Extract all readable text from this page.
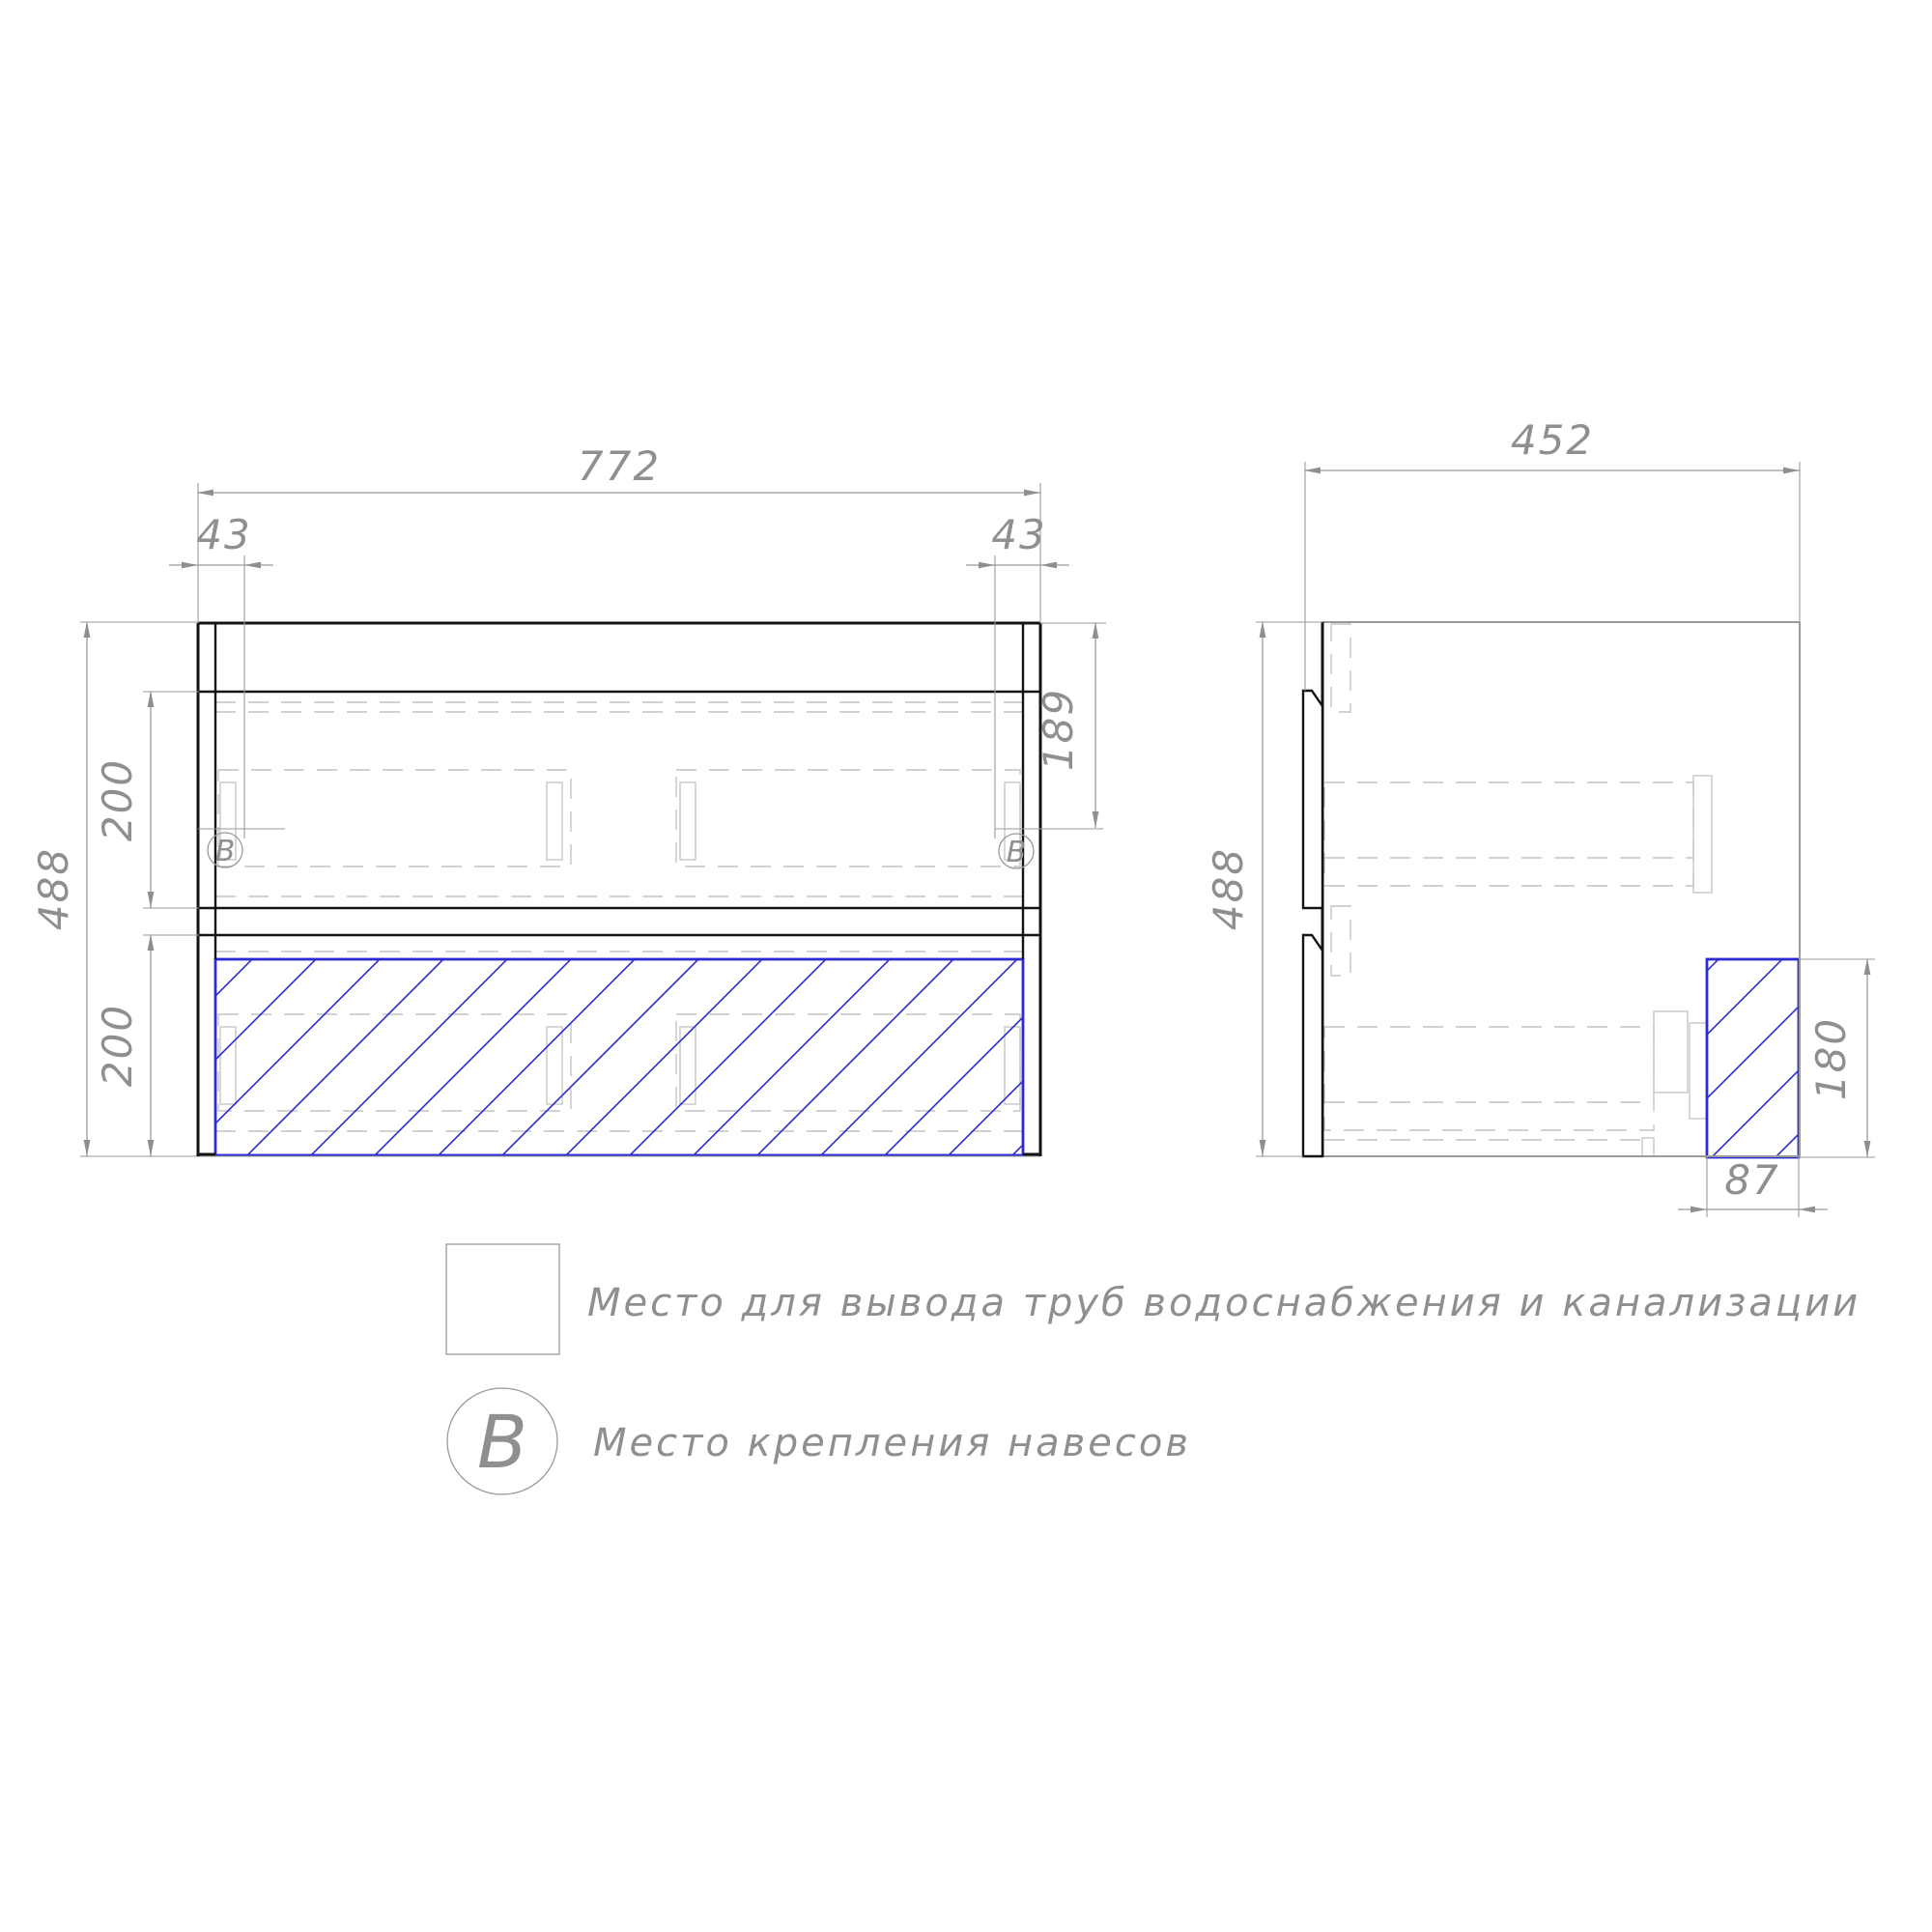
B	B
772
43	43
488
200
200
189
452
488
180
87
Место для вывода труб водоснабжения и канализации
B Место крепления навесов
